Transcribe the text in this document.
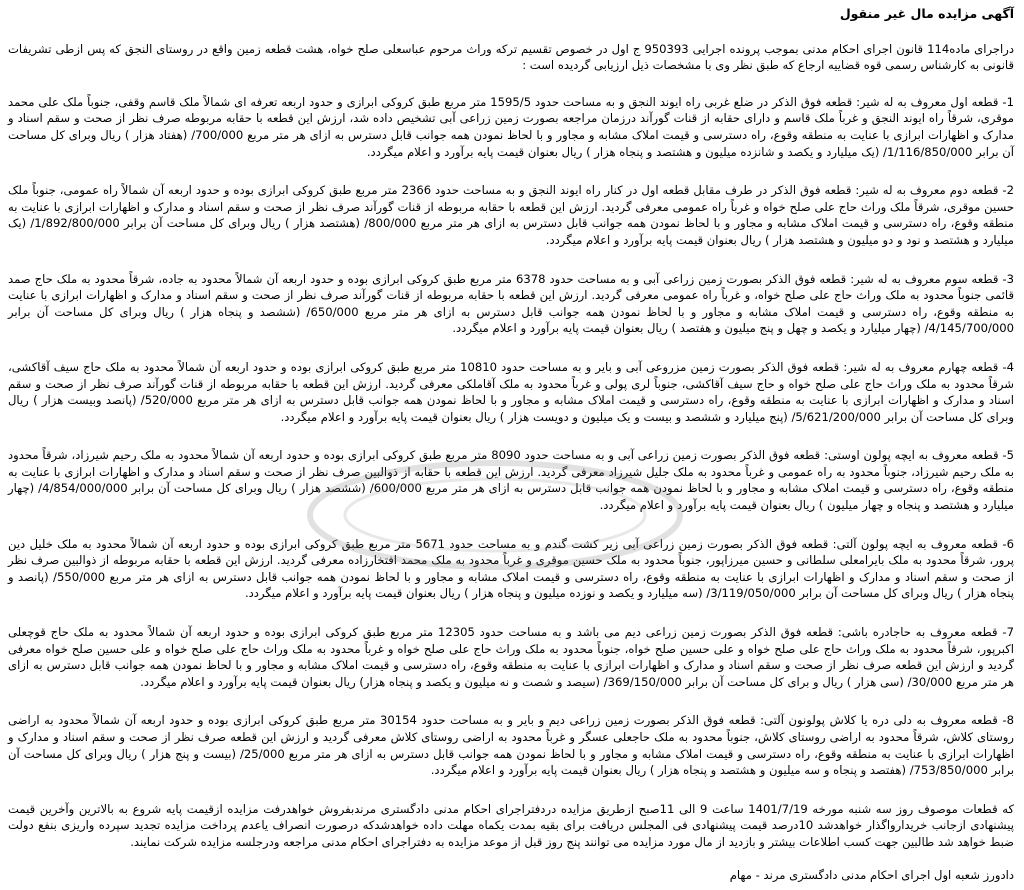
آگهی مزایده مال غیر منقول
دراجرای ماده114 قانون اجرای احکام مدنی بموجب پرونده اجرایی 950393 ج اول در خصوص تقسیم ترکه وراث مرحوم عباسعلی صلح خواه، هشت قطعه زمین واقع در روستای النجق که پس ازطی تشریفات قانونی به کارشناس رسمی قوه قضاییه ارجاع که طبق نظر وی با مشخصات ذیل ارزیابی گردیده است :
1- قطعه اول معروف به له شیر: قطعه فوق الذکر در ضلع غربی راه ایوند النجق و به مساحت حدود 1595/5 متر مربع طبق کروکی ابرازی و حدود اربعه تعرفه ای شمالاً ملک قاسم وقفی، جنوباً ملک علی محمد موقری، شرقاً راه ایوند النجق و غرباً ملک قاسم و دارای حقابه از قنات گورآند درزمان مراجعه بصورت زمین زراعی آبی تشخیص داده شد، ارزش این قطعه با حقابه مربوطه صرف نظر از صحت و سقم اسناد و مدارک و اظهارات ابرازی با عنایت به منطقه وقوع، راه دسترسی و قیمت املاک مشابه و مجاور و با لحاظ نمودن همه جوانب قابل دسترس به ازای هر متر مربع 700/000/ (هفتاد هزار ) ریال وبرای کل مساحت آن برابر 1/116/850/000/ (یک میلیارد و یکصد و شانزده میلیون و هشتصد و پنجاه هزار ) ریال بعنوان قیمت پایه برآورد و اعلام میگردد.
2- قطعه دوم معروف به له شیر: قطعه فوق الذکر در طرف مقابل قطعه اول در کنار راه ایوند النجق و به مساحت حدود 2366 متر مربع طبق کروکی ابرازی بوده و حدود اربعه آن شمالاً راه عمومی، جنوباً ملک حسین موقری، شرقاً ملک وراث حاج علی صلح خواه و غرباً راه عمومی معرفی گردید. ارزش این قطعه با حقابه مربوطه از قنات گورآند صرف نظر از صحت و سقم اسناد و مدارک و اظهارات ابرازی با عنایت به منطقه وقوع، راه دسترسی و قیمت املاک مشابه و مجاور و با لحاظ نمودن همه جوانب قابل دسترس به ازای هر متر مربع 800/000/ (هشتصد هزار ) ریال وبرای کل مساحت آن برابر 1/892/800/000/ (یک میلیارد و هشتصد و نود و دو میلیون و هشتصد هزار ) ریال بعنوان قیمت پایه برآورد و اعلام میگردد.
3- قطعه سوم معروف به له شیر: قطعه فوق الذکر بصورت زمین زراعی آبی و به مساحت حدود 6378 متر مربع طبق کروکی ابرازی بوده و حدود اربعه آن شمالاً محدود به جاده، شرقاً محدود به ملک حاج صمد قائمی جنوباً محدود به ملک وراث حاج علی صلح خواه، و غرباً راه عمومی معرفی گردید. ارزش این قطعه با حقابه مربوطه از قنات گورآند صرف نظر از صحت و سقم اسناد و مدارک و اظهارات ابرازی با عنایت به منطقه وقوع، راه دسترسی و قیمت املاک مشابه و مجاور و با لحاظ نمودن همه جوانب قابل دسترس به ازای هر متر مربع 650/000/ (ششصد و پنجاه هزار ) ریال وبرای کل مساحت آن برابر 4/145/700/000/ (چهار میلیارد و یکصد و چهل و پنج میلیون و هفتصد ) ریال بعنوان قیمت پایه برآورد و اعلام میگردد.
4- قطعه چهارم معروف به له شیر: قطعه فوق الذکر بصورت زمین مزروعی آبی و بایر و به مساحت حدود 10810 متر مربع طبق کروکی ابرازی بوده و حدود اربعه آن شمالاً محدود به ملک حاج سیف آقاکشی، شرقاً محدود به ملک وراث حاج علی صلح خواه و حاج سیف آقاکشی، جنوباً لری پولی و غرباً محدود به ملک آقاملکی معرفی گردید. ارزش این قطعه با حقابه مربوطه از قنات گورآند صرف نظر از صحت و سقم اسناد و مدارک و اظهارات ابرازی با عنایت به منطقه وقوع، راه دسترسی و قیمت املاک مشابه و مجاور و با لحاظ نمودن همه جوانب قابل دسترس به ازای هر متر مربع 520/000/ (پانصد وبیست هزار ) ریال وبرای کل مساحت آن برابر 5/621/200/000/ (پنج میلیارد و ششصد و بیست و یک میلیون و دویست هزار ) ریال بعنوان قیمت پایه برآورد و اعلام میگردد.
5- قطعه معروف به ایچه پولون اوستی: قطعه فوق الذکر بصورت زمین زراعی آبی و به مساحت حدود 8090 متر مربع طبق کروکی ابرازی بوده و حدود اربعه آن شمالاً محدود به ملک رحیم شیرزاد، شرقاً محدود به ملک رحیم شیرزاد، جنوباً محدود به راه عمومی و غرباً محدود به ملک جلیل شیرزاد معرفی گردید. ارزش این قطعه با حقابه از ذوالبین صرف نظر از صحت و سقم اسناد و مدارک و اظهارات ابرازی با عنایت به منطقه وقوع، راه دسترسی و قیمت املاک مشابه و مجاور و با لحاظ نمودن همه جوانب قابل دسترس به ازای هر متر مربع 600/000/ (ششصد هزار ) ریال وبرای کل مساحت آن برابر 4/854/000/000/ (چهار میلیارد و هشتصد و پنجاه و چهار میلیون ) ریال بعنوان قیمت پایه برآورد و اعلام میگردد.
6- قطعه معروف به ایچه پولون آلتی: قطعه فوق الذکر بصورت زمین زراعی آبی زیر کشت گندم و به مساحت حدود 5671 متر مربع طبق کروکی ابرازی بوده و حدود اربعه آن شمالاً محدود به ملک خلیل دین پرور، شرقاً محدود به ملک بایرامعلی سلطانی و حسین میرزاپور، جنوباً محدود به ملک حسین موقری و غرباً محدود به ملک محمد افتخارزاده معرفی گردید. ارزش این قطعه با حقابه مربوطه از ذوالبین صرف نظر از صحت و سقم اسناد و مدارک و اظهارات ابرازی با عنایت به منطقه وقوع، راه دسترسی و قیمت املاک مشابه و مجاور و با لحاظ نمودن همه جوانب قابل دسترس به ازای هر متر مربع 550/000/ (پانصد و پنجاه هزار ) ریال وبرای کل مساحت آن برابر 3/119/050/000/ (سه میلیارد و یکصد و نوزده میلیون و پنجاه هزار ) ریال بعنوان قیمت پایه برآورد و اعلام میگردد.
7- قطعه معروف به حاجادره باشی: قطعه فوق الذکر بصورت زمین زراعی دیم می باشد و به مساحت حدود 12305 متر مربع طبق کروکی ابرازی بوده و حدود اربعه آن شمالاً محدود به ملک حاج قوچعلی اکبرپور، شرقاً محدود به ملک وراث حاج علی صلح خواه و علی حسین صلح خواه، جنوباً محدود به ملک وراث حاج علی صلح خواه و غرباً محدود به ملک وراث حاج علی صلح خواه و علی حسین صلح خواه معرفی گردید و ارزش این قطعه صرف نظر از صحت و سقم اسناد و مدارک و اظهارات ابرازی با عنایت به منطقه وقوع، راه دسترسی و قیمت املاک مشابه و مجاور و با لحاظ نمودن همه جوانب قابل دسترس به ازای هر متر مربع 30/000/ (سی هزار ) ریال و برای کل مساحت آن برابر 369/150/000/ (سیصد و شصت و نه میلیون و یکصد و پنجاه هزار) ریال بعنوان قیمت پایه برآورد و اعلام میگردد.
8- قطعه معروف به دلی دره یا کلاش پولونون آلتی: قطعه فوق الذکر بصورت زمین زراعی دیم و بایر و به مساحت حدود 30154 متر مربع طبق کروکی ابرازی بوده و حدود اربعه آن شمالاً محدود به اراضی روستای کلاش، شرقاً محدود به اراضی روستای کلاش، جنوباً محدود به ملک حاجعلی عسگر و غرباً محدود به اراضی روستای کلاش معرفی گردید و ارزش این قطعه صرف نظر از صحت و سقم اسناد و مدارک و اظهارات ابرازی با عنایت به منطقه وقوع، راه دسترسی و قیمت املاک مشابه و مجاور و با لحاظ نمودن همه جوانب قابل دسترس به ازای هر متر مربع 25/000/ (بیست و پنج هزار ) ریال وبرای کل مساحت آن برابر 753/850/000/ (هفتصد و پنجاه و سه میلیون و هشتصد و پنجاه هزار ) ریال بعنوان قیمت پایه برآورد و اعلام میگردد.
که قطعات موصوف روز سه شنبه مورخه 1401/7/19 ساعت 9 الی 11صبح ازطریق مزایده دردفتراجرای احکام مدنی دادگستری مرندبفروش خواهدرفت مزایده ازقیمت پایه شروع به بالاترین وآخرین قیمت پیشنهادی ازجانب خریدارواگذار خواهدشد 10درصد قیمت پیشنهادی فی المجلس دریافت برای بقیه بمدت یکماه مهلت داده خواهدشدکه درصورت انصراف یاعدم پرداخت مزایده تجدید سپرده واریزی بنفع دولت ضبط خواهد شد طالبین جهت کسب اطلاعات بیشتر و بازدید از مال مورد مزایده می توانند پنج روز قبل از موعد مزایده به دفتراجرای احکام مدنی مراجعه ودرجلسه مزایده شرکت نمایند.
دادورز شعبه اول اجرای احکام مدنی دادگستری مرند - مهام
